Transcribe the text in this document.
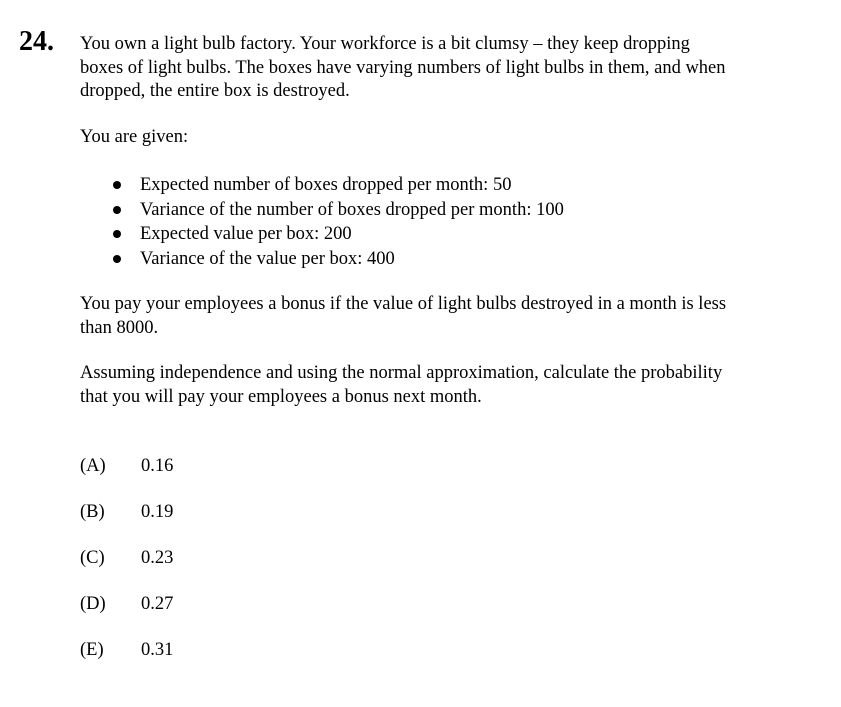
24. You own a light bulb factory. Your workforce is a bit clumsy – they keep dropping
boxes of light bulbs. The boxes have varying numbers of light bulbs in them, and when
dropped, the entire box is destroyed.
You are given:
Expected number of boxes dropped per month: 50
Variance of the number of boxes dropped per month: 100
Expected value per box: 200
Variance of the value per box: 400
You pay your employees a bonus if the value of light bulbs destroyed in a month is less
than 8000.
Assuming independence and using the normal approximation, calculate the probability
that you will pay your employees a bonus next month.
(A) 0.16
(B) 0.19
(C) 0.23
(D) 0.27
(E) 0.31
